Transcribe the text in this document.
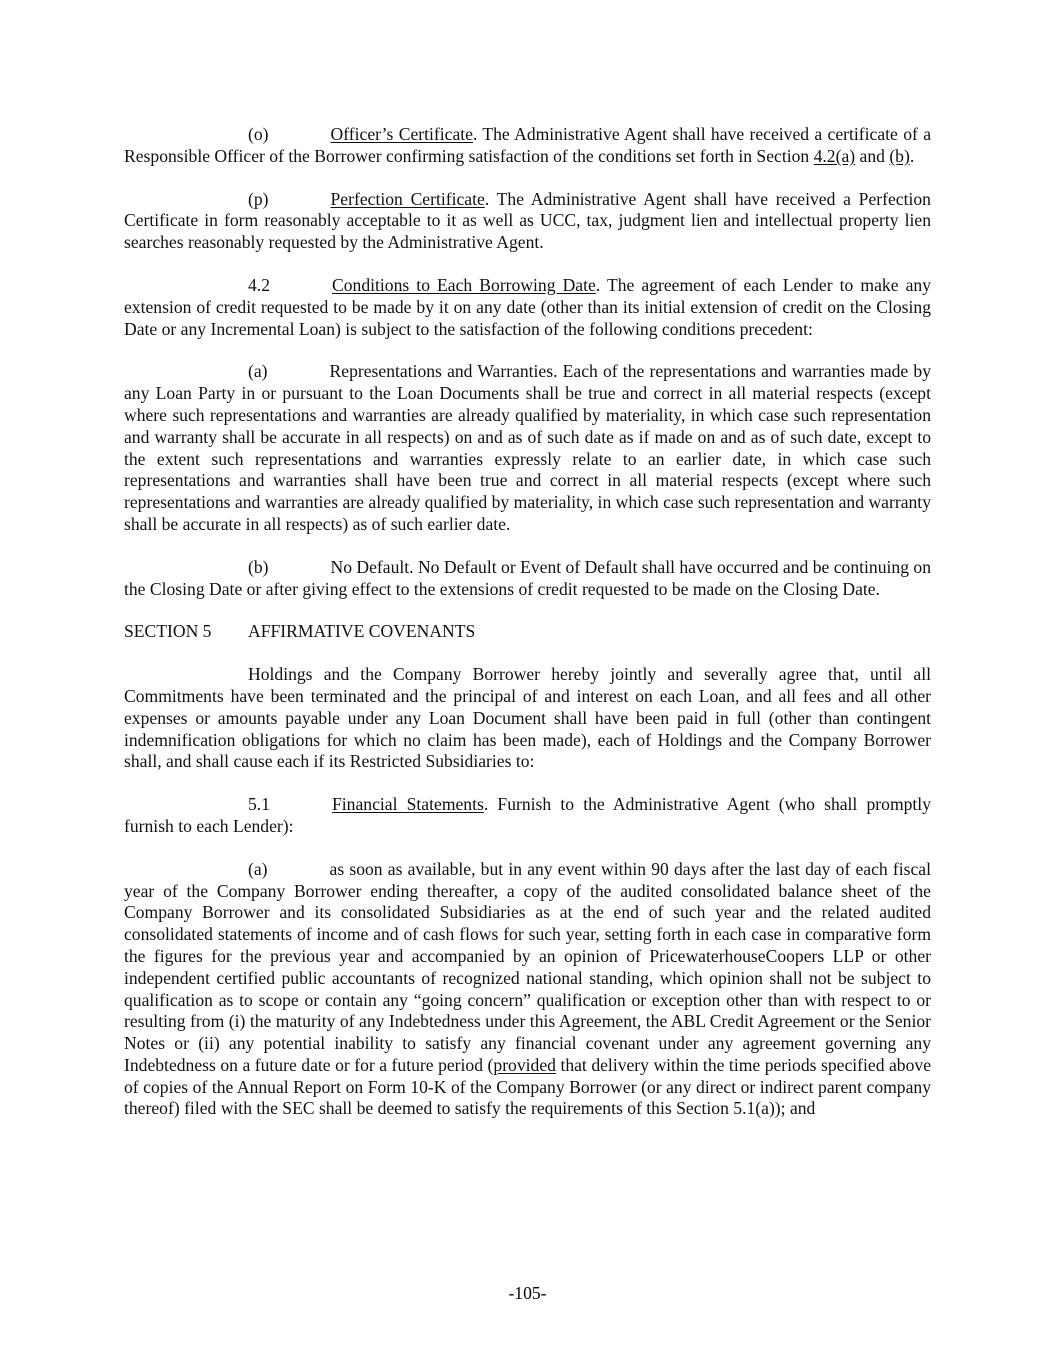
(o)	Officer’s Certificate. The Administrative Agent shall have received a certificate of a Responsible Officer of the Borrower confirming satisfaction of the conditions set forth in Section 4.2(a) and (b).

(p)	Perfection Certificate. The Administrative Agent shall have received a Perfection Certificate in form reasonably acceptable to it as well as UCC, tax, judgment lien and intellectual property lien searches reasonably requested by the Administrative Agent.

4.2	Conditions to Each Borrowing Date. The agreement of each Lender to make any extension of credit requested to be made by it on any date (other than its initial extension of credit on the Closing Date or any Incremental Loan) is subject to the satisfaction of the following conditions precedent:

(a)	Representations and Warranties. Each of the representations and warranties made by any Loan Party in or pursuant to the Loan Documents shall be true and correct in all material respects (except where such representations and warranties are already qualified by materiality, in which case such representation and warranty shall be accurate in all respects) on and as of such date as if made on and as of such date, except to the extent such representations and warranties expressly relate to an earlier date, in which case such representations and warranties shall have been true and correct in all material respects (except where such representations and warranties are already qualified by materiality, in which case such representation and warranty shall be accurate in all respects) as of such earlier date.

(b)	No Default. No Default or Event of Default shall have occurred and be continuing on the Closing Date or after giving effect to the extensions of credit requested to be made on the Closing Date.

SECTION 5 AFFIRMATIVE COVENANTS

Holdings and the Company Borrower hereby jointly and severally agree that, until all Commitments have been terminated and the principal of and interest on each Loan, and all fees and all other expenses or amounts payable under any Loan Document shall have been paid in full (other than contingent indemnification obligations for which no claim has been made), each of Holdings and the Company Borrower shall, and shall cause each if its Restricted Subsidiaries to:

5.1	Financial Statements. Furnish to the Administrative Agent (who shall promptly furnish to each Lender):

(a)	as soon as available, but in any event within 90 days after the last day of each fiscal year of the Company Borrower ending thereafter, a copy of the audited consolidated balance sheet of the Company Borrower and its consolidated Subsidiaries as at the end of such year and the related audited consolidated statements of income and of cash flows for such year, setting forth in each case in comparative form the figures for the previous year and accompanied by an opinion of PricewaterhouseCoopers LLP or other independent certified public accountants of recognized national standing, which opinion shall not be subject to qualification as to scope or contain any “going concern” qualification or exception other than with respect to or resulting from (i) the maturity of any Indebtedness under this Agreement, the ABL Credit Agreement or the Senior Notes or (ii) any potential inability to satisfy any financial covenant under any agreement governing any Indebtedness on a future date or for a future period (provided that delivery within the time periods specified above of copies of the Annual Report on Form 10-K of the Company Borrower (or any direct or indirect parent company thereof) filed with the SEC shall be deemed to satisfy the requirements of this Section 5.1(a)); and

-105-
